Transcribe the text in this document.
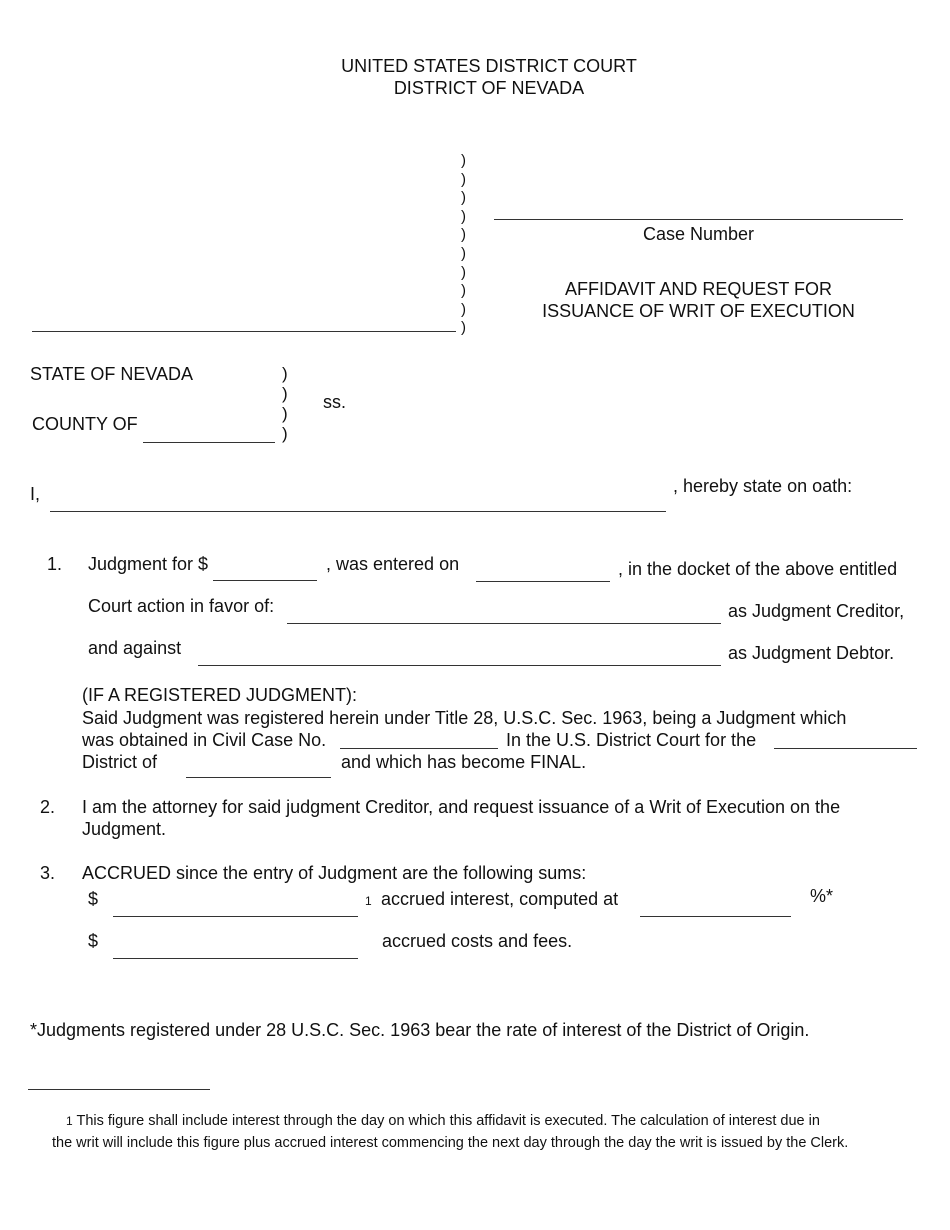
UNITED STATES DISTRICT COURT
DISTRICT OF NEVADA
)
)
)
)
)
)
)
)
)
)
Case Number
AFFIDAVIT AND REQUEST FOR
ISSUANCE OF WRIT OF EXECUTION
STATE OF NEVADA	)
)
)
)
ss.
COUNTY OF
I,	, hereby state on oath:
1. Judgment for $	, was entered on	, in the docket of the above entitled
Court action in favor of:	as Judgment Creditor,
and against	as Judgment Debtor.
(IF A REGISTERED JUDGMENT):
Said Judgment was registered herein under Title 28, U.S.C. Sec. 1963, being a Judgment which
was obtained in Civil Case No.	In the U.S. District Court for the
District of	and which has become FINAL.
2. I am the attorney for said judgment Creditor, and request issuance of a Writ of Execution on the
Judgment.
3. ACCRUED since the entry of Judgment are the following sums:
$	1 accrued interest, computed at	%*
$	accrued costs and fees.
*Judgments registered under 28 U.S.C. Sec. 1963 bear the rate of interest of the District of Origin.
1 This figure shall include interest through the day on which this affidavit is executed. The calculation of interest due in
the writ will include this figure plus accrued interest commencing the next day through the day the writ is issued by the Clerk.
